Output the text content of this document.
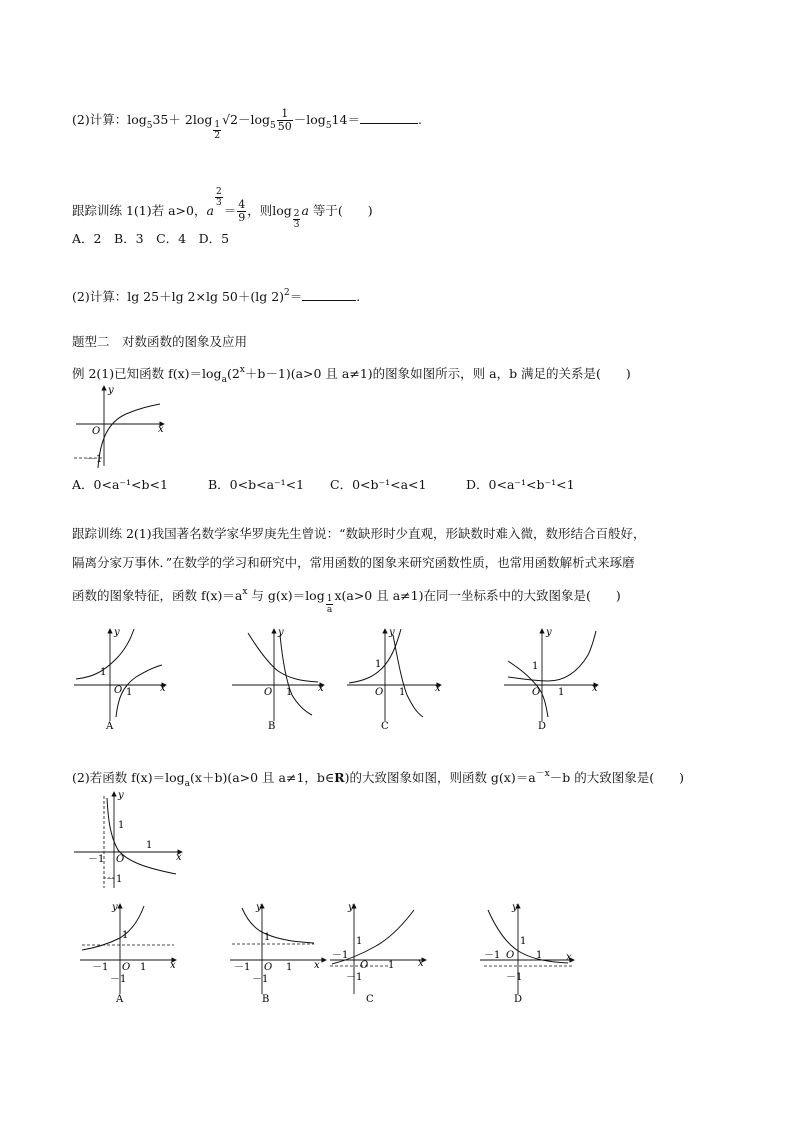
(2)计算：$\log_535+ 2\log$
$\frac{1}{2}$
$√2-\log_5 \frac{1}{50} -\log_514=$	.
跟踪训练 1(1)若 a>0，a
$\frac{2}{3}$
＝ $\frac{4}{9}$ ，则$\log \frac{2}{3}$ a 等于(　　)
A．2　B．3　C．4　D．5
(2)计算：lg 25＋lg 2×lg 50＋(lg 2)$^2$＝	.
题型二　对数函数的图象及应用
例 2(1)已知函数 $f(x)=\log_a(2^x+b-1)(a>0$ 且 a≠1)的图象如图所示，则 a，b 满足的关系是(　　)
y
x
O
－1
A．0<a⁻¹<b<1	B．0<b<a⁻¹<1 C．0<b⁻¹<a<1	D．0<a⁻¹<b⁻¹<1
跟踪训练 2(1)我国著名数学家华罗庚先生曾说：“数缺形时少直观，形缺数时难入微，数形结合百般好，
隔离分家万事休．”在数学的学习和研究中，常用函数的图象来研究函数性质，也常用函数解析式来琢磨
函数的图象特征，函数 $f(x)=a^x$ 与 $g(x)=\log \frac{1}{a} x(a>0$ 且 a≠1)在同一坐标系中的大致图象是(　　)
y
x
O
1
1
A
y
x
O 1
B
y
x
O
1
1
C
y
x
O
1
1
D
(2)若函数 $f(x)=\log_a(x+b)(a>0$ 且 a≠1，b∈R)的大致图象如图，则函数 $g(x)=a^{-x}-b$ 的大致图象是(　　)
y
x
O
1
1
－1
－1
y
x
O
1
1
－1
－1
A
y
x
O
1
1
－1
－1
B
y
x
O
1
1
－1
－1
C
y
x
O
1
1
－1
－1
D
